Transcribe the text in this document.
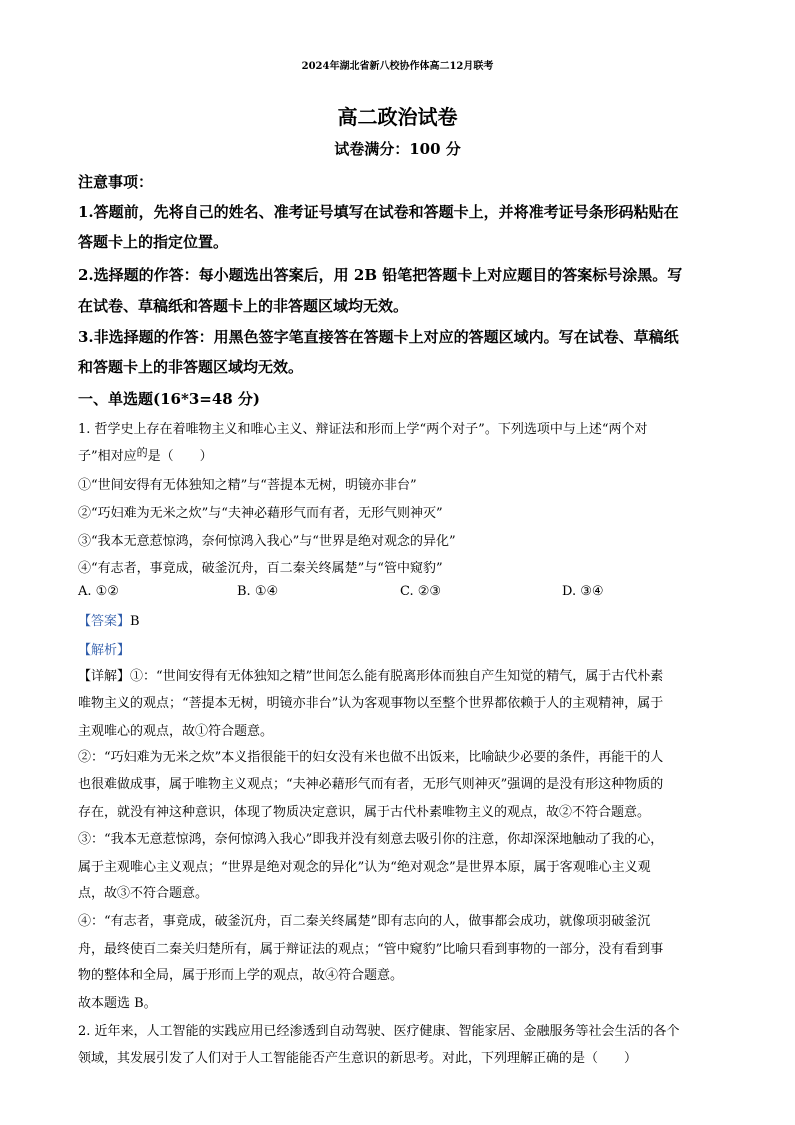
2024年湖北省新八校协作体高二12月联考
高二政治试卷
试卷满分：100 分
注意事项：
1.答题前，先将自己的姓名、准考证号填写在试卷和答题卡上，并将准考证号条形码粘贴在
答题卡上的指定位置。
2.选择题的作答：每小题选出答案后，用 2B 铅笔把答题卡上对应题目的答案标号涂黑。写
在试卷、草稿纸和答题卡上的非答题区域均无效。
3.非选择题的作答：用黑色签字笔直接答在答题卡上对应的答题区域内。写在试卷、草稿纸
和答题卡上的非答题区域均无效。
一、单选题(16*3=48 分)
1. 哲学史上存在着唯物主义和唯心主义、辩证法和形而上学“两个对子”。下列选项中与上述“两个对
子”相对应$^的$是（　　）
①“世间安得有无体独知之精”与“菩提本无树，明镜亦非台”
②“巧妇难为无米之炊”与“夫神必藉形气而有者，无形气则神灭”
③“我本无意惹惊鸿，奈何惊鸿入我心”与“世界是绝对观念的异化”
④“有志者，事竟成，破釜沉舟，百二秦关终属楚”与“管中窥豹”
A. ①②	B. ①④	C. ②③	D. ③④
【答案】B
【解析】
【详解】①：“世间安得有无体独知之精”世间怎么能有脱离形体而独自产生知觉的精气，属于古代朴素
唯物主义的观点；“菩提本无树，明镜亦非台”认为客观事物以至整个世界都依赖于人的主观精神，属于
主观唯心的观点，故①符合题意。
②：“巧妇难为无米之炊”本义指很能干的妇女没有米也做不出饭来，比喻缺少必要的条件，再能干的人
也很难做成事，属于唯物主义观点；“夫神必藉形气而有者，无形气则神灭”强调的是没有形这种物质的
存在，就没有神这种意识，体现了物质决定意识，属于古代朴素唯物主义的观点，故②不符合题意。
③：“我本无意惹惊鸿，奈何惊鸿入我心”即我并没有刻意去吸引你的注意，你却深深地触动了我的心，
属于主观唯心主义观点；“世界是绝对观念的异化”认为“绝对观念”是世界本原，属于客观唯心主义观
点，故③不符合题意。
④：“有志者，事竟成，破釜沉舟，百二秦关终属楚”即有志向的人，做事都会成功，就像项羽破釜沉
舟，最终使百二秦关归楚所有，属于辩证法的观点；“管中窥豹”比喻只看到事物的一部分，没有看到事
物的整体和全局，属于形而上学的观点，故④符合题意。
故本题选 B。
2. 近年来，人工智能的实践应用已经渗透到自动驾驶、医疗健康、智能家居、金融服务等社会生活的各个
领域，其发展引发了人们对于人工智能能否产生意识的新思考。对此，下列理解正确的是（　　）
